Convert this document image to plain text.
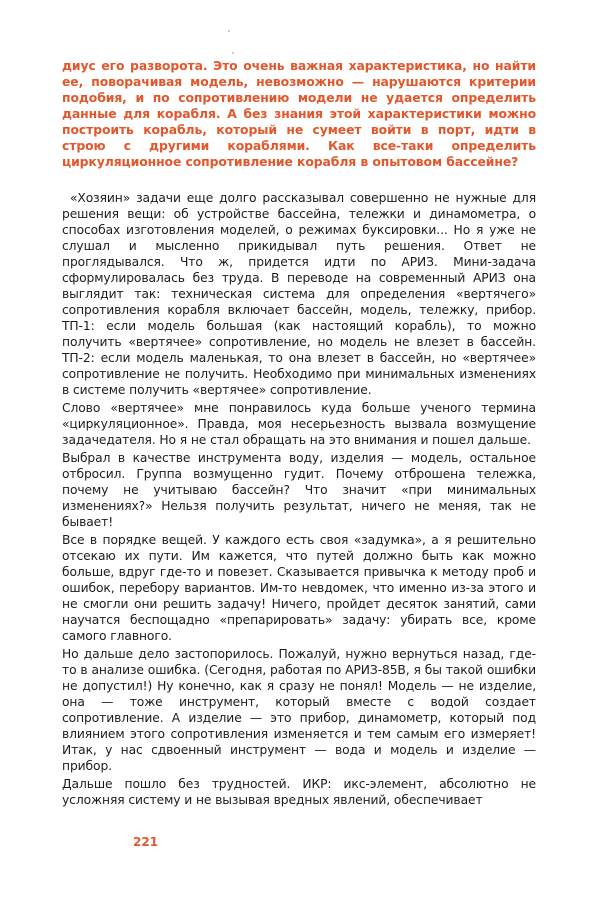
диус его разворота. Это очень важная характеристика, но найти ее, поворачивая модель, невозможно — нарушаются критерии подобия, и по сопротивлению модели не удается определить данные для корабля. А без знания этой характеристики можно построить корабль, который не сумеет войти в порт, идти в строю с другими кораблями. Как все-таки определить циркуляционное сопротивление корабля в опытовом бассейне?

«Хозяин» задачи еще долго рассказывал совершенно не нужные для решения вещи: об устройстве бассейна, тележки и динамометра, о способах изготовления моделей, о режимах буксировки... Но я уже не слушал и мысленно прикидывал путь решения. Ответ не проглядывался. Что ж, придется идти по АРИЗ. Мини-задача сформулировалась без труда. В переводе на современный АРИЗ она выглядит так: техническая система для определения «вертячего» сопротивления корабля включает бассейн, модель, тележку, прибор. ТП-1: если модель большая (как настоящий корабль), то можно получить «вертячее» сопротивление, но модель не влезет в бассейн. ТП-2: если модель маленькая, то она влезет в бассейн, но «вертячее» сопротивление не получить. Необходимо при минимальных изменениях в системе получить «вертячее» сопротивление.

Слово «вертячее» мне понравилось куда больше ученого термина «циркуляционное». Правда, моя несерьезность вызвала возмущение задачедателя. Но я не стал обращать на это внимания и пошел дальше.

Выбрал в качестве инструмента воду, изделия — модель, остальное отбросил. Группа возмущенно гудит. Почему отброшена тележка, почему не учитываю бассейн? Что значит «при минимальных изменениях?» Нельзя получить результат, ничего не меняя, так не бывает!

Все в порядке вещей. У каждого есть своя «задумка», а я решительно отсекаю их пути. Им кажется, что путей должно быть как можно больше, вдруг где-то и повезет. Сказывается привычка к методу проб и ошибок, перебору вариантов. Им-то невдомек, что именно из-за этого и не смогли они решить задачу! Ничего, пройдет десяток занятий, сами научатся беспощадно «препарировать» задачу: убирать все, кроме самого главного.

Но дальше дело застопорилось. Пожалуй, нужно вернуться назад, где-то в анализе ошибка. (Сегодня, работая по АРИЗ-85В, я бы такой ошибки не допустил!) Ну конечно, как я сразу не понял! Модель — не изделие, она — тоже инструмент, который вместе с водой создает сопротивление. А изделие — это прибор, динамометр, который под влиянием этого сопротивления изменяется и тем самым его измеряет! Итак, у нас сдвоенный инструмент — вода и модель и изделие — прибор.

Дальше пошло без трудностей. ИКР: икс-элемент, абсолютно не усложняя систему и не вызывая вредных явлений, обеспечивает

221
